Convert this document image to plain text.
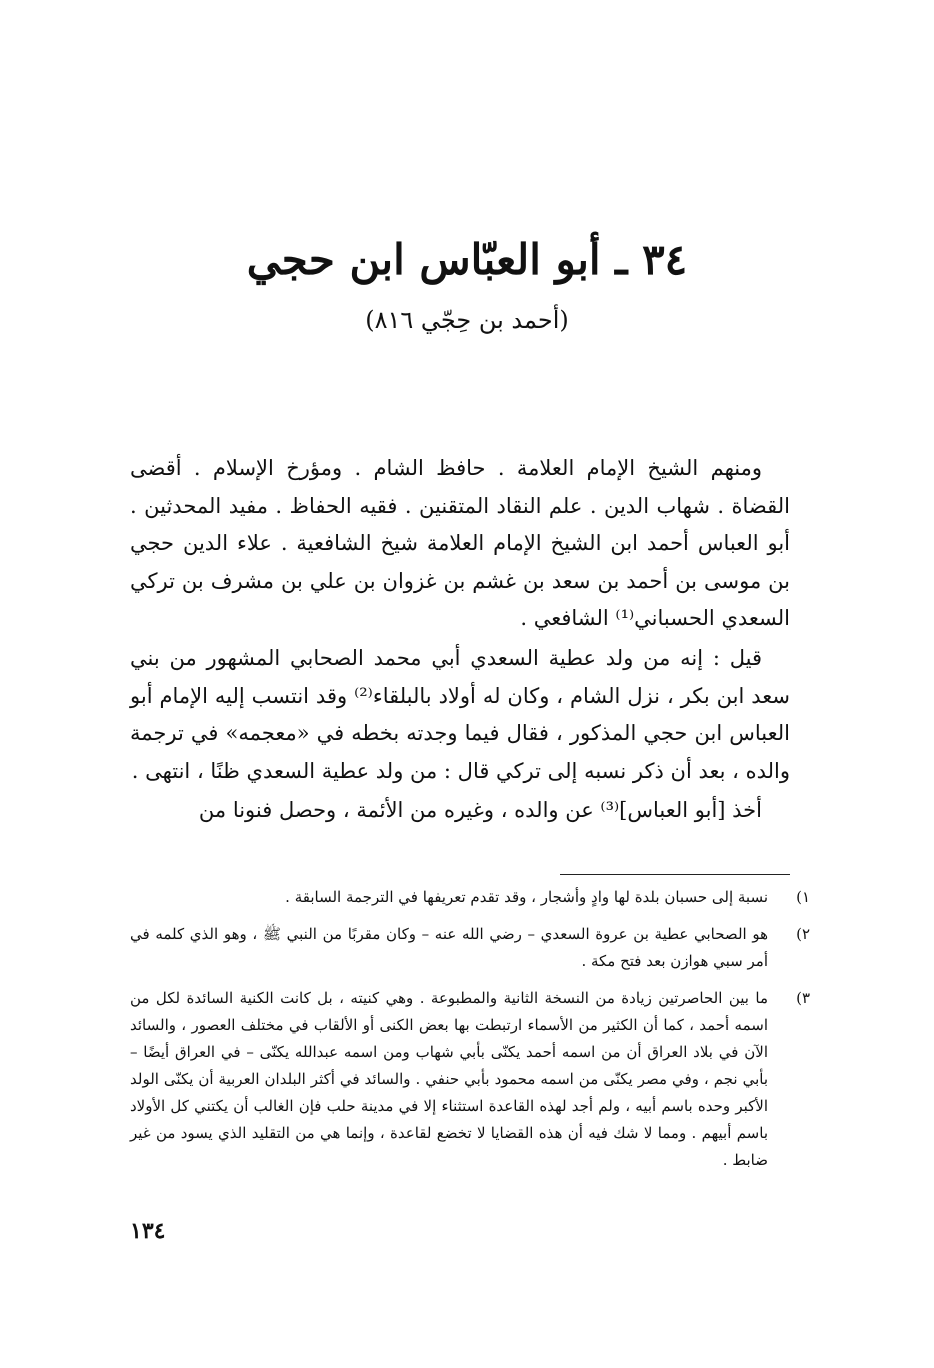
٣٤ ـ أبو العبّاس ابن حجي
(أحمد بن حِجّي ٨١٦)

ومنهم الشيخ الإمام العلامة . حافظ الشام . ومؤرخ الإسلام . أقضى القضاة . شهاب الدين . علم النقاد المتقنين . فقيه الحفاظ . مفيد المحدثين . أبو العباس أحمد ابن الشيخ الإمام العلامة شيخ الشافعية . علاء الدين حجي بن موسى بن أحمد بن سعد بن غشم بن غزوان بن علي بن مشرف بن تركي السعدي الحسباني⁽¹⁾ الشافعي .

قيل : إنه من ولد عطية السعدي أبي محمد الصحابي المشهور من بني سعد ابن بكر ، نزل الشام ، وكان له أولاد بالبلقاء⁽²⁾ وقد انتسب إليه الإمام أبو العباس ابن حجي المذكور ، فقال فيما وجدته بخطه في «معجمه» في ترجمة والده ، بعد أن ذكر نسبه إلى تركي قال : من ولد عطية السعدي ظنًا ، انتهى .

أخذ [أبو العباس]⁽³⁾ عن والده ، وغيره من الأئمة ، وحصل فنونا من

١)
نسبة إلى حسبان بلدة لها وادٍ وأشجار ، وقد تقدم تعريفها في الترجمة السابقة .
٢)
هو الصحابي عطية بن عروة السعدي – رضي الله عنه – وكان مقربًا من النبي ﷺ ، وهو الذي كلمه في أمر سبي هوازن بعد فتح مكة .
٣)
ما بين الحاصرتين زيادة من النسخة الثانية والمطبوعة . وهي كنيته ، بل كانت الكنية السائدة لكل من اسمه أحمد ، كما أن الكثير من الأسماء ارتبطت بها بعض الكنى أو الألقاب في مختلف العصور ، والسائد الآن في بلاد العراق أن من اسمه أحمد يكنّى بأبي شهاب ومن اسمه عبدالله يكنّى – في العراق أيضًا – بأبي نجم ، وفي مصر يكنّى من اسمه محمود بأبي حنفي . والسائد في أكثر البلدان العربية أن يكنّى الولد الأكبر وحده باسم أبيه ، ولم أجد لهذه القاعدة استثناء إلا في مدينة حلب فإن الغالب أن يكتني كل الأولاد باسم أبيهم . ومما لا شك فيه أن هذه القضايا لا تخضع لقاعدة ، وإنما هي من التقليد الذي يسود من غير ضابط .
١٣٤
